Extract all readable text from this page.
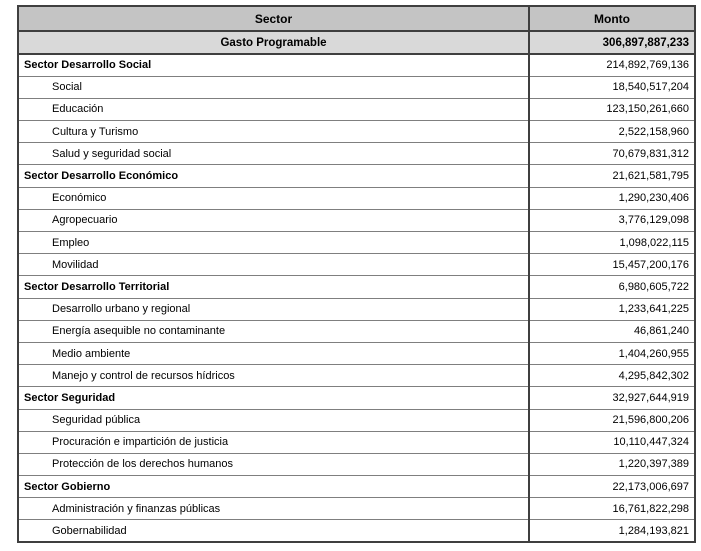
Sector	Monto
Gasto Programable	306,897,887,233
Sector Desarrollo Social	214,892,769,136
Social	18,540,517,204
Educación	123,150,261,660
Cultura y Turismo	2,522,158,960
Salud y seguridad social	70,679,831,312
Sector Desarrollo Económico	21,621,581,795
Económico	1,290,230,406
Agropecuario	3,776,129,098
Empleo	1,098,022,115
Movilidad	15,457,200,176
Sector Desarrollo Territorial	6,980,605,722
Desarrollo urbano y regional	1,233,641,225
Energía asequible no contaminante	46,861,240
Medio ambiente	1,404,260,955
Manejo y control de recursos hídricos	4,295,842,302
Sector Seguridad	32,927,644,919
Seguridad pública	21,596,800,206
Procuración e impartición de justicia	10,110,447,324
Protección de los derechos humanos	1,220,397,389
Sector Gobierno	22,173,006,697
Administración y finanzas públicas	16,761,822,298
Gobernabilidad	1,284,193,821
